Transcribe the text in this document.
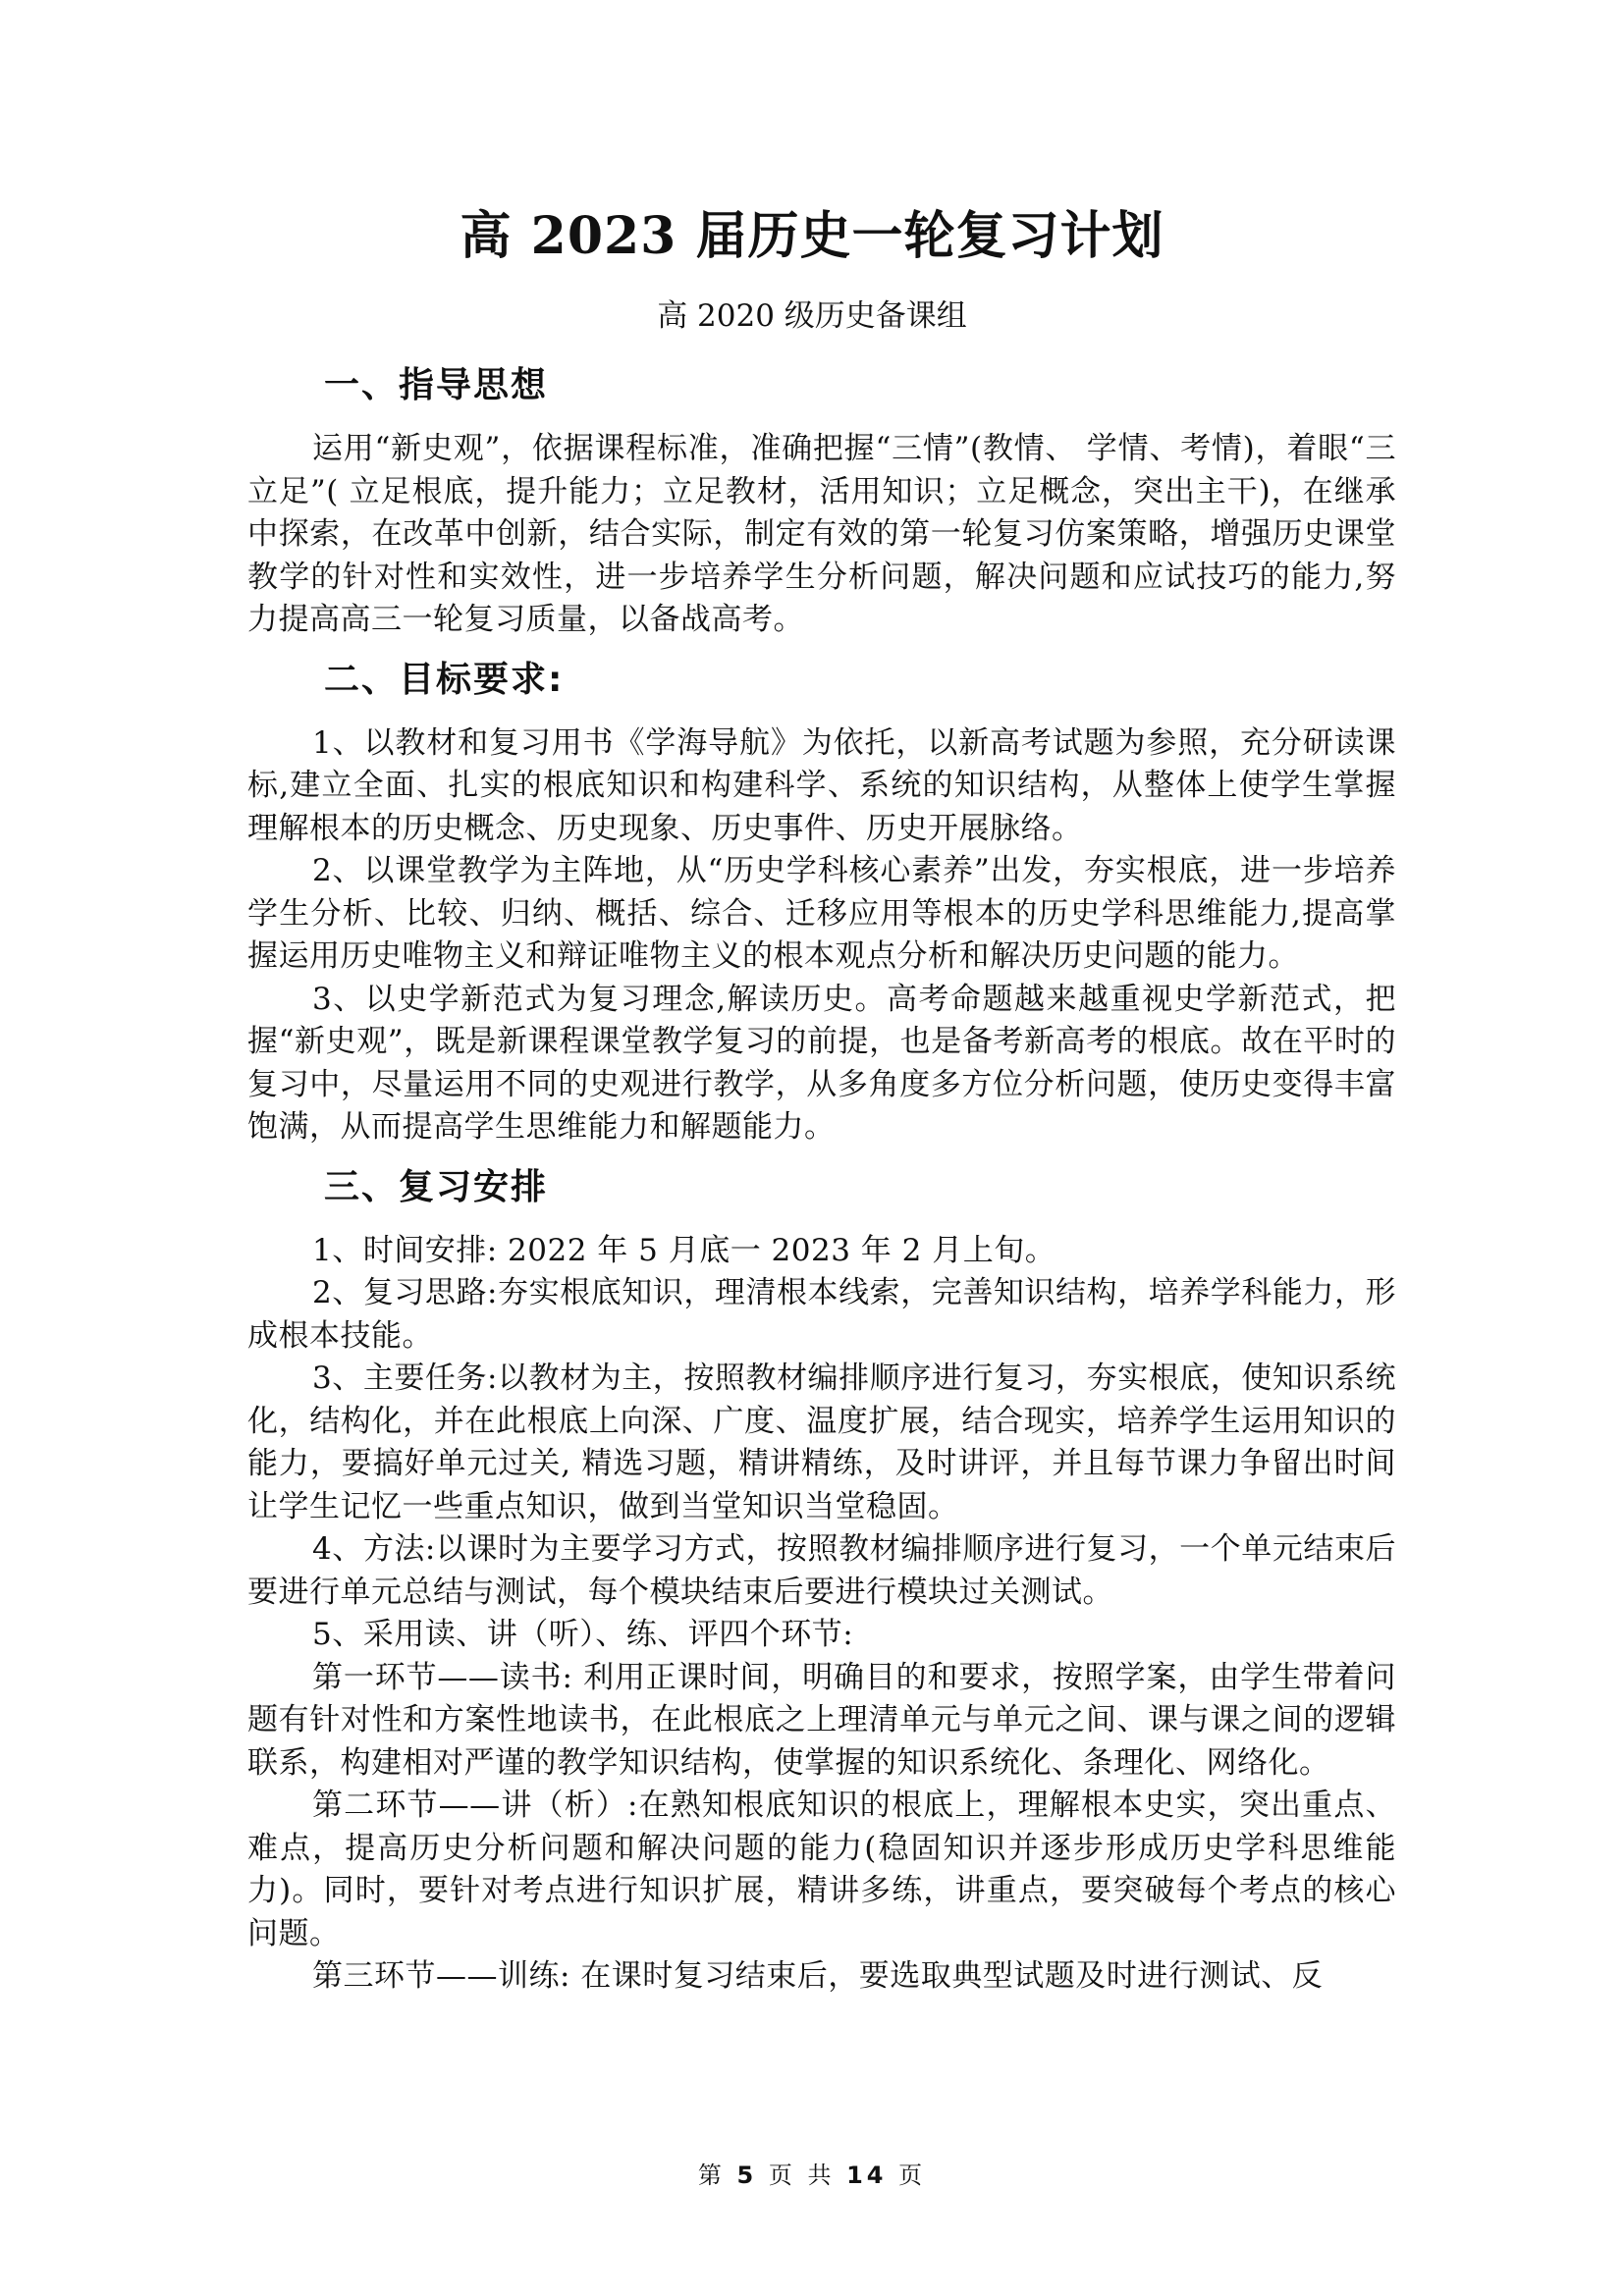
高 2023 届历史一轮复习计划
高 2020 级历史备课组
一、指导思想

运用“新史观”，依据课程标准，准确把握“三情”(教情、 学情、考情)，着眼“三立足”( 立足根底，提升能力；立足教材，活用知识；立足概念，突出主干)，在继承中探索，在改革中创新，结合实际，制定有效的第一轮复习仿案策略，增强历史课堂教学的针对性和实效性，进一步培养学生分析问题，解决问题和应试技巧的能力,努力提高高三一轮复习质量，以备战高考。

二、目标要求:

1、以教材和复习用书《学海导航》为依托，以新高考试题为参照，充分研读课标,建立全面、扎实的根底知识和构建科学、系统的知识结构，从整体上使学生掌握理解根本的历史概念、历史现象、历史事件、历史开展脉络。

2、以课堂教学为主阵地，从“历史学科核心素养”出发，夯实根底，进一步培养 学生分析、比较、归纳、概括、综合、迁移应用等根本的历史学科思维能力,提高掌握运用历史唯物主义和辩证唯物主义的根本观点分析和解决历史问题的能力。

3、以史学新范式为复习理念,解读历史。高考命题越来越重视史学新范式，把握“新史观”，既是新课程课堂教学复习的前提，也是备考新高考的根底。故在平时的复习中，尽量运用不同的史观进行教学，从多角度多方位分析问题，使历史变得丰富饱满，从而提高学生思维能力和解题能力。

三、复习安排

1、时间安排: 2022 年 5 月底一 2023 年 2 月上旬。

2、复习思路:夯实根底知识，理清根本线索，完善知识结构，培养学科能力，形成根本技能。

3、主要任务:以教材为主，按照教材编排顺序进行复习，夯实根底，使知识系统化，结构化，并在此根底上向深、广度、温度扩展，结合现实，培养学生运用知识的能力，要搞好单元过关, 精选习题，精讲精练，及时讲评，并且每节课力争留出时间让学生记忆一些重点知识，做到当堂知识当堂稳固。

4、方法:以课时为主要学习方式，按照教材编排顺序进行复习，一个单元结束后要进行单元总结与测试，每个模块结束后要进行模块过关测试。

5、采用读、讲（听）、练、评四个环节:

第一环节——读书: 利用正课时间，明确目的和要求，按照学案，由学生带着问题有针对性和方案性地读书，在此根底之上理清单元与单元之间、课与课之间的逻辑联系，构建相对严谨的教学知识结构，使掌握的知识系统化、条理化、网络化。

第二环节——讲（析）:在熟知根底知识的根底上，理解根本史实，突出重点、难点，提高历史分析问题和解决问题的能力(稳固知识并逐步形成历史学科思维能力)。同时，要针对考点进行知识扩展，精讲多练，讲重点，要突破每个考点的核心问题。

第三环节——训练: 在课时复习结束后，要选取典型试题及时进行测试、反

第 5 页 共 14 页
